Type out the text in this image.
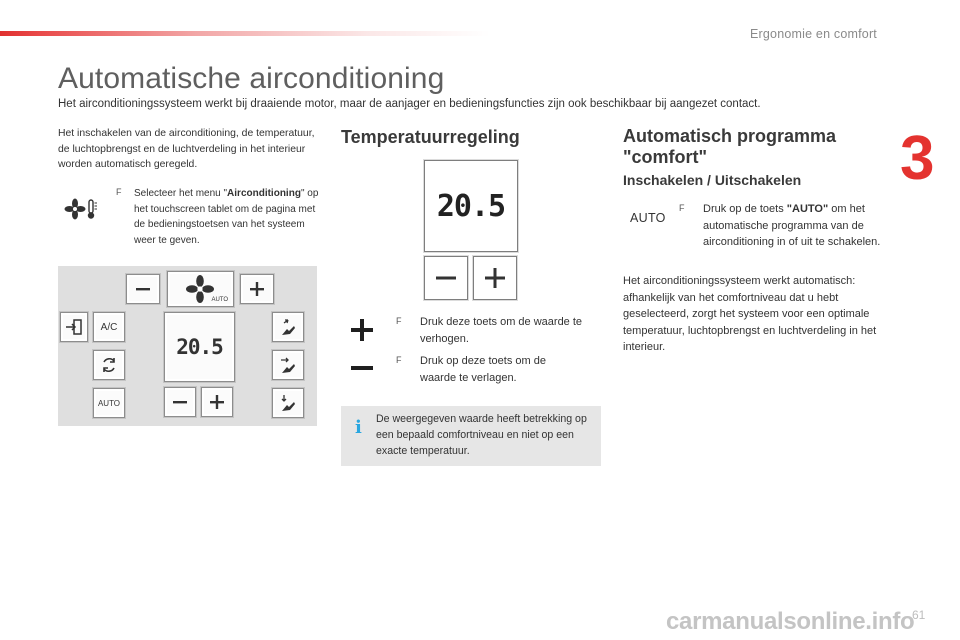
Ergonomie en comfort
3
Automatische airconditioning

Het airconditioningssysteem werkt bij draaiende motor, maar de aanjager en bedieningsfuncties zijn ook beschikbaar bij aangezet contact.

Het inschakelen van de airconditioning, de temperatuur, de luchtopbrengst en de luchtverdeling in het interieur worden automatisch geregeld.

F	Selecteer het menu "Airconditioning" op het touchscreen tablet om de pagina met de bedieningstoetsen van het systeem weer te geven.
AUTO
A/C
AUTO
20.5
Temperatuurregeling
20.5
F	Druk deze toets om de waarde te verhogen.
F	Druk op deze toets om de waarde te verlagen.
i De weergegeven waarde heeft betrekking op een bepaald comfortniveau en niet op een exacte temperatuur.

Automatisch programma "comfort"
Inschakelen / Uitschakelen
AUTO
F	Druk op de toets "AUTO" om het automatische programma van de airconditioning in of uit te schakelen.

Het airconditioningssysteem werkt automatisch: afhankelijk van het comfortniveau dat u hebt geselecteerd, zorgt het systeem voor een optimale temperatuur, luchtopbrengst en luchtverdeling in het interieur.

carmanualsonline.info
61
